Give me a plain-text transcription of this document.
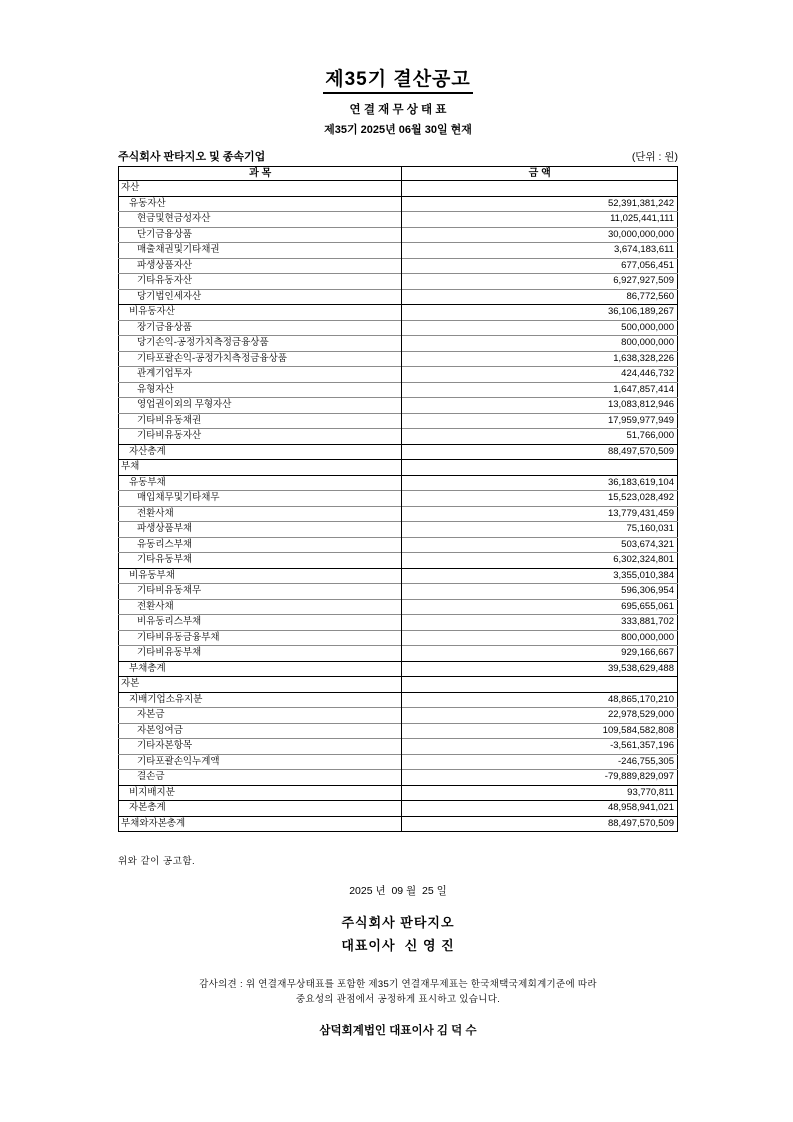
제35기 결산공고
연 결 재 무 상 태 표
제35기 2025년 06월 30일 현재
주식회사 판타지오 및 종속기업	(단위 : 원)
과 목	금 액
자산	
유동자산	52,391,381,242
현금및현금성자산	11,025,441,111
단기금융상품	30,000,000,000
매출채권및기타채권	3,674,183,611
파생상품자산	677,056,451
기타유동자산	6,927,927,509
당기법인세자산	86,772,560
비유동자산	36,106,189,267
장기금융상품	500,000,000
당기손익-공정가치측정금융상품	800,000,000
기타포괄손익-공정가치측정금융상품	1,638,328,226
관계기업투자	424,446,732
유형자산	1,647,857,414
영업권이외의 무형자산	13,083,812,946
기타비유동채권	17,959,977,949
기타비유동자산	51,766,000
자산총계	88,497,570,509
부채	
유동부채	36,183,619,104
매입채무및기타채무	15,523,028,492
전환사채	13,779,431,459
파생상품부채	75,160,031
유동리스부채	503,674,321
기타유동부채	6,302,324,801
비유동부채	3,355,010,384
기타비유동채무	596,306,954
전환사채	695,655,061
비유동리스부채	333,881,702
기타비유동금융부채	800,000,000
기타비유동부채	929,166,667
부채총계	39,538,629,488
자본	
지배기업소유지분	48,865,170,210
자본금	22,978,529,000
자본잉여금	109,584,582,808
기타자본항목	-3,561,357,196
기타포괄손익누계액	-246,755,305
결손금	-79,889,829,097
비지배지분	93,770,811
자본총계	48,958,941,021
부채와자본총계	88,497,570,509
위와 같이 공고함.
2025 년  09 월  25 일
주식회사 판타지오
대표이사  신 영 진
감사의견 : 위 연결재무상태표를 포함한 제35기 연결재무제표는 한국채택국제회계기준에 따라
중요성의 관점에서 공정하게 표시하고 있습니다.
삼덕회계법인 대표이사 김 덕 수
